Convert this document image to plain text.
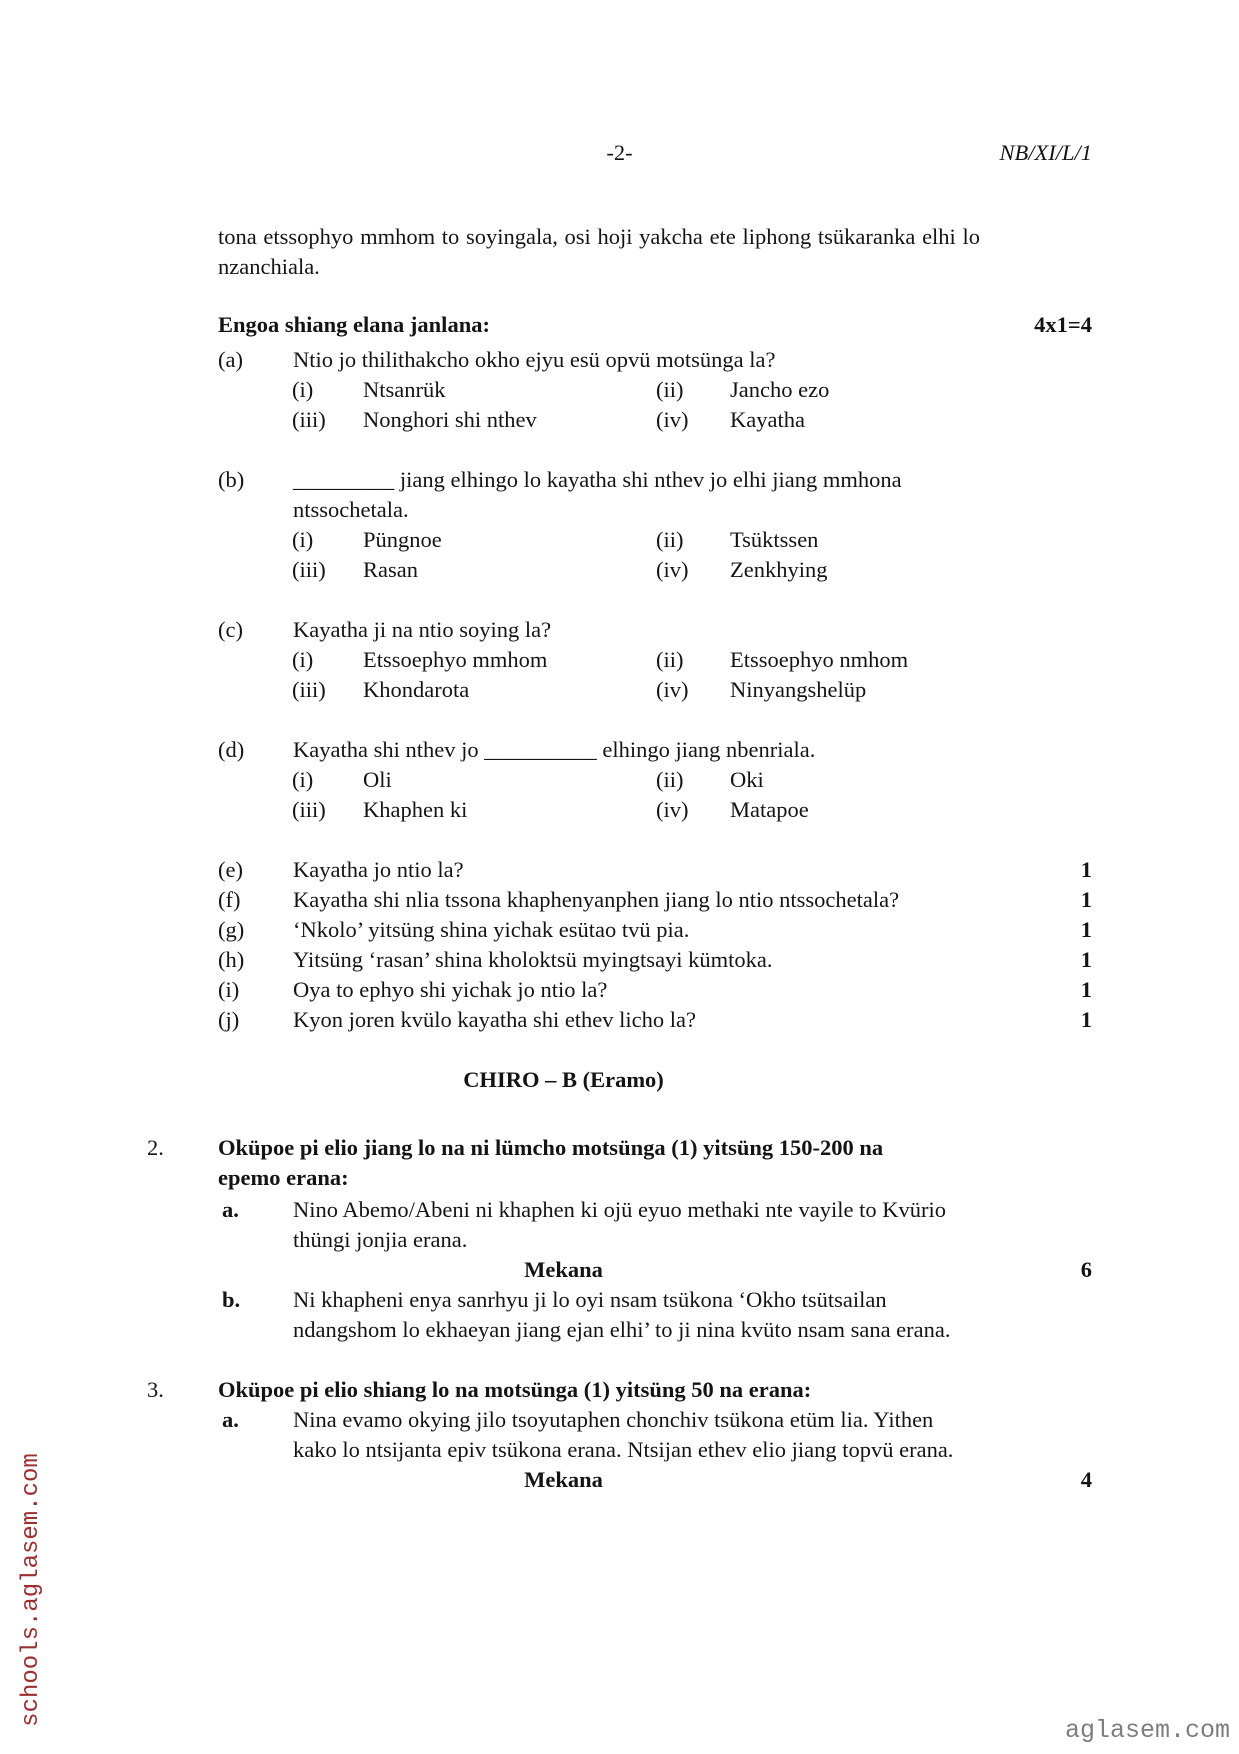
-2-	NB/XI/L/1

tona etssophyo mmhom to soyingala, osi hoji yakcha ete liphong tsükaranka elhi lo nzanchiala.

Engoa shiang elana janlana:	4x1=4
(a)	Ntio jo thilithakcho okho ejyu esü opvü motsünga la?
(i)	Ntsanrük	(ii)	Jancho ezo
(iii)	Nonghori shi nthev	(iv)	Kayatha
(b)	_________ jiang elhingo lo kayatha shi nthev jo elhi jiang mmhona ntssochetala.
(i)	Püngnoe	(ii)	Tsüktssen
(iii)	Rasan	(iv)	Zenkhying
(c)	Kayatha ji na ntio soying la?
(i)	Etssoephyo mmhom	(ii)	Etssoephyo nmhom
(iii)	Khondarota	(iv)	Ninyangshelüp
(d)	Kayatha shi nthev jo __________ elhingo jiang nbenriala.
(i)	Oli	(ii)	Oki
(iii)	Khaphen ki	(iv)	Matapoe
(e)	Kayatha jo ntio la?	1
(f)	Kayatha shi nlia tssona khaphenyanphen jiang lo ntio ntssochetala?	1
(g)	‘Nkolo’ yitsüng shina yichak esütao tvü pia.	1
(h)	Yitsüng ‘rasan’ shina kholoktsü myingtsayi kümtoka.	1
(i)	Oya to ephyo shi yichak jo ntio la?	1
(j)	Kyon joren kvülo kayatha shi ethev licho la?	1
CHIRO – B (Eramo)
2.	Oküpoe pi elio jiang lo na ni lümcho motsünga (1) yitsüng 150-200 na epemo erana:
a.	Nino Abemo/Abeni ni khaphen ki ojü eyuo methaki nte vayile to Kvürio thüngi jonjia erana.
Mekana	6
b.	Ni khapheni enya sanrhyu ji lo oyi nsam tsükona ‘Okho tsütsailan ndangshom lo ekhaeyan jiang ejan elhi’ to ji nina kvüto nsam sana erana.
3.	Oküpoe pi elio shiang lo na motsünga (1) yitsüng 50 na erana:
a.	Nina evamo okying jilo tsoyutaphen chonchiv tsükona etüm lia. Yithen kako lo ntsijanta epiv tsükona erana. Ntsijan ethev elio jiang topvü erana.
Mekana	4
schools.aglasem.com
aglasem.com
